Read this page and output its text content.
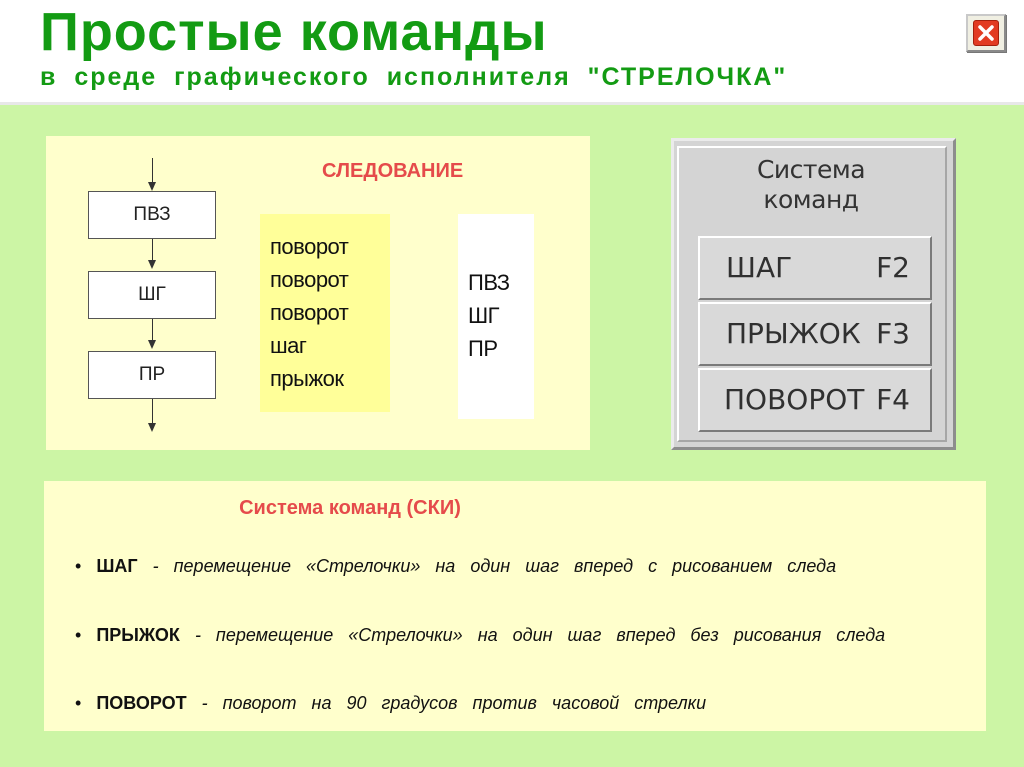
Простые команды
в среде графического исполнителя "СТРЕЛОЧКА"
ПВЗ
ШГ
ПР
СЛЕДОВАНИЕ
поворот
поворот
поворот
шаг
прыжок
ПВЗ
ШГ
ПР
Система
команд
ШАГ	F2
ПРЫЖОК F3
ПОВОРОТ F4
Система команд (СКИ)
• ШАГ - перемещение «Стрелочки» на один шаг вперед с рисованием следа
• ПРЫЖОК - перемещение «Стрелочки» на один шаг вперед без рисования следа
• ПОВОРОТ - поворот на 90 градусов против часовой стрелки
